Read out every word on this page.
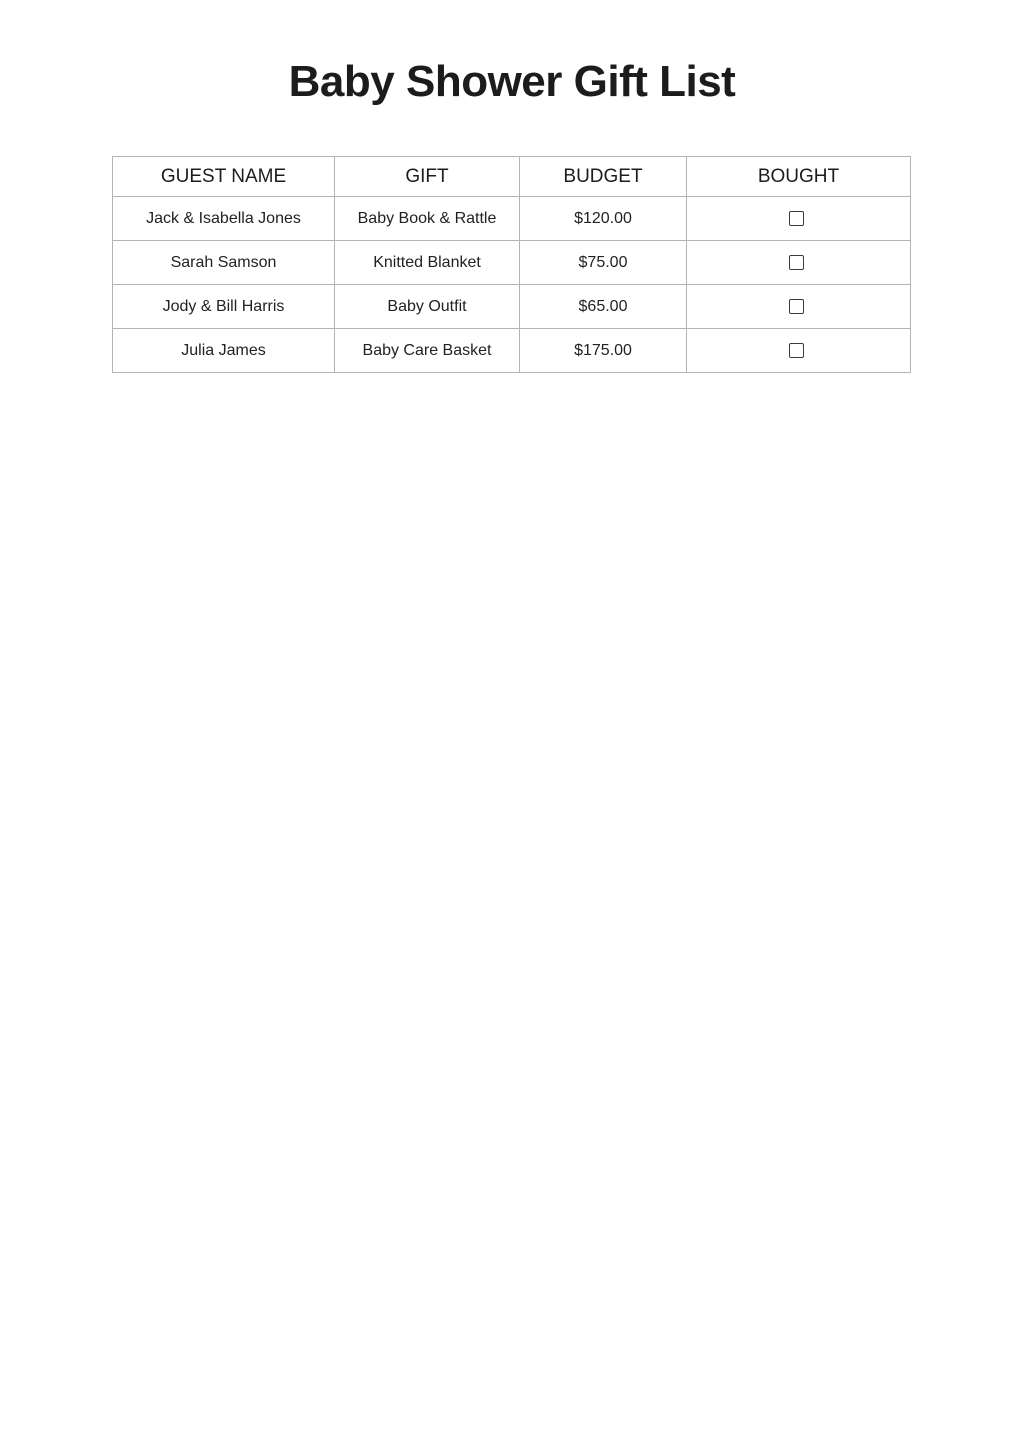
Baby Shower Gift List
GUEST NAME	GIFT	BUDGET	BOUGHT
Jack & Isabella Jones	Baby Book & Rattle	$120.00	
Sarah Samson	Knitted Blanket	$75.00	
Jody & Bill Harris	Baby Outfit	$65.00	
Julia James	Baby Care Basket	$175.00	
